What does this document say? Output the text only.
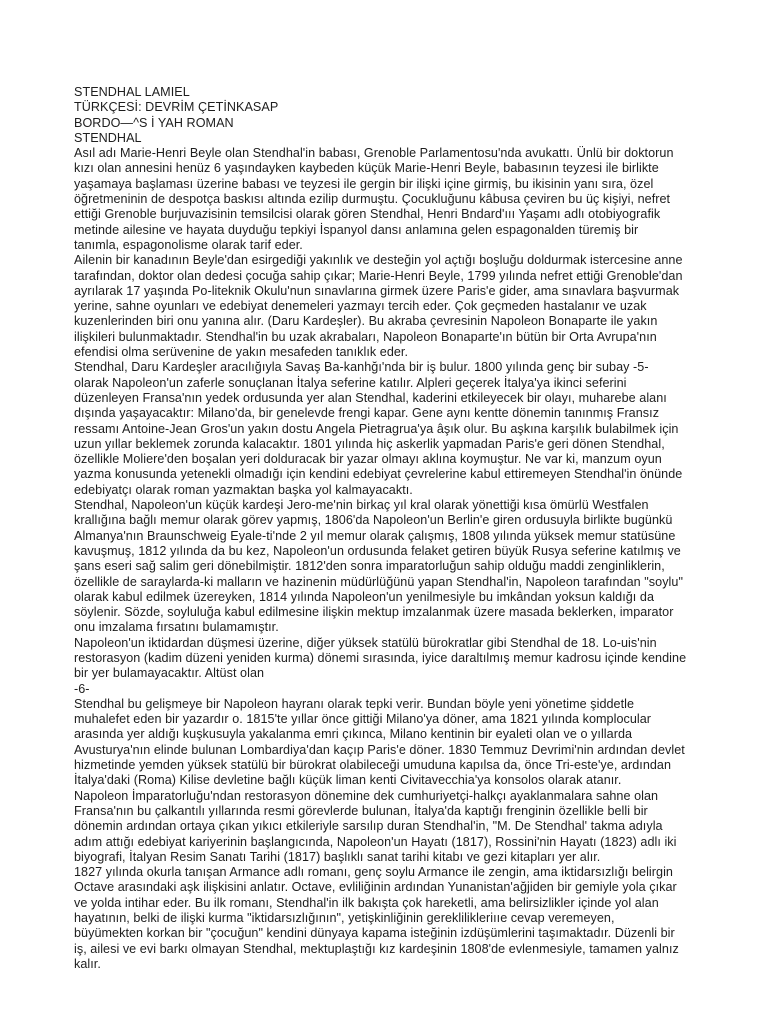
STENDHAL LAMIEL
TÜRKÇESİ: DEVRİM ÇETİNKASAP
BORDO—^S İ YAH ROMAN
STENDHAL
Asıl adı Marie-Henri Beyle olan Stendhal'in babası, Grenoble Parlamentosu'nda avukattı. Ünlü bir doktorun
kızı olan annesini henüz 6 yaşındayken kaybeden küçük Marie-Henri Beyle, babasının teyzesi ile birlikte
yaşamaya başlaması üzerine babası ve teyzesi ile gergin bir ilişki içine girmiş, bu ikisinin yanı sıra, özel
öğretmeninin de despotça baskısı altında ezilip durmuştu. Çocukluğunu kâbusa çeviren bu üç kişiyi, nefret
ettiği Grenoble burjuvazisinin temsilcisi olarak gören Stendhal, Henri Bndard'ııı Yaşamı adlı otobiyografik
metinde ailesine ve hayata duyduğu tepkiyi İspanyol dansı anlamına gelen espagonalden türemiş bir
tanımla, espagonolisme olarak tarif eder.
Ailenin bir kanadının Beyle'dan esirgediği yakınlık ve desteğin yol açtığı boşluğu doldurmak istercesine anne
tarafından, doktor olan dedesi çocuğa sahip çıkar; Marie-Henri Beyle, 1799 yılında nefret ettiği Grenoble'dan
ayrılarak 17 yaşında Po-liteknik Okulu'nun sınavlarına girmek üzere Paris'e gider, ama sınavlara başvurmak
yerine, sahne oyunları ve edebiyat denemeleri yazmayı tercih eder. Çok geçmeden hastalanır ve uzak
kuzenlerinden biri onu yanına alır. (Daru Kardeşler). Bu akraba çevresinin Napoleon Bonaparte ile yakın
ilişkileri bulunmaktadır. Stendhal'in bu uzak akrabaları, Napoleon Bonaparte'ın bütün bir Orta Avrupa'nın
efendisi olma serüvenine de yakın mesafeden tanıklık eder.
Stendhal, Daru Kardeşler aracılığıyla Savaş Ba-kanhğı'nda bir iş bulur. 1800 yılında genç bir subay -5-
olarak Napoleon'un zaferle sonuçlanan İtalya seferine katılır. Alpleri geçerek İtalya'ya ikinci seferini
düzenleyen Fransa'nın yedek ordusunda yer alan Stendhal, kaderini etkileyecek bir olayı, muharebe alanı
dışında yaşayacaktır: Milano'da, bir genelevde frengi kapar. Gene aynı kentte dönemin tanınmış Fransız
ressamı Antoine-Jean Gros'un yakın dostu Angela Pietragrua'ya âşık olur. Bu aşkına karşılık bulabilmek için
uzun yıllar beklemek zorunda kalacaktır. 1801 yılında hiç askerlik yapmadan Paris'e geri dönen Stendhal,
özellikle Moliere'den boşalan yeri dolduracak bir yazar olmayı aklına koymuştur. Ne var ki, manzum oyun
yazma konusunda yetenekli olmadığı için kendini edebiyat çevrelerine kabul ettiremeyen Stendhal'in önünde
edebiyatçı olarak roman yazmaktan başka yol kalmayacaktı.
Stendhal, Napoleon'un küçük kardeşi Jero-me'nin birkaç yıl kral olarak yönettiği kısa ömürlü Westfalen
krallığına bağlı memur olarak görev yapmış, 1806'da Napoleon'un Berlin'e giren ordusuyla birlikte bugünkü
Almanya'nın Braunschweig Eyale-ti'nde 2 yıl memur olarak çalışmış, 1808 yılında yüksek memur statüsüne
kavuşmuş, 1812 yılında da bu kez, Napoleon'un ordusunda felaket getiren büyük Rusya seferine katılmış ve
şans eseri sağ salim geri dönebilmiştir. 1812'den sonra imparatorluğun sahip olduğu maddi zenginliklerin,
özellikle de saraylarda-ki malların ve hazinenin müdürlüğünü yapan Stendhal'in, Napoleon tarafından "soylu"
olarak kabul edilmek üzereyken, 1814 yılında Napoleon'un yenilmesiyle bu imkândan yoksun kaldığı da
söylenir. Sözde, soyluluğa kabul edilmesine ilişkin mektup imzalanmak üzere masada beklerken, imparator
onu imzalama fırsatını bulamamıştır.
Napoleon'un iktidardan düşmesi üzerine, diğer yüksek statülü bürokratlar gibi Stendhal de 18. Lo-uis'nin
restorasyon (kadim düzeni yeniden kurma) dönemi sırasında, iyice daraltılmış memur kadrosu içinde kendine
bir yer bulamayacaktır. Altüst olan
-6-
Stendhal bu gelişmeye bir Napoleon hayranı olarak tepki verir. Bundan böyle yeni yönetime şiddetle
muhalefet eden bir yazardır o. 1815'te yıllar önce gittiği Milano'ya döner, ama 1821 yılında komplocular
arasında yer aldığı kuşkusuyla yakalanma emri çıkınca, Milano kentinin bir eyaleti olan ve o yıllarda
Avusturya'nın elinde bulunan Lombardiya'dan kaçıp Paris'e döner. 1830 Temmuz Devrimi'nin ardından devlet
hizmetinde yemden yüksek statülü bir bürokrat olabileceği umuduna kapılsa da, önce Tri-este'ye, ardından
İtalya'daki (Roma) Kilise devletine bağlı küçük liman kenti Civitavecchia'ya konsolos olarak atanır.
Napoleon İmparatorluğu'ndan restorasyon dönemine dek cumhuriyetçi-halkçı ayaklanmalara sahne olan
Fransa'nın bu çalkantılı yıllarında resmi görevlerde bulunan, İtalya'da kaptığı frenginin özellikle belli bir
dönemin ardından ortaya çıkan yıkıcı etkileriyle sarsılıp duran Stendhal'in, "M. De Stendhal' takma adıyla
adım attığı edebiyat kariyerinin başlangıcında, Napoleon'un Hayatı (1817), Rossini'nin Hayatı (1823) adlı iki
biyografi, İtalyan Resim Sanatı Tarihi (1817) başlıklı sanat tarihi kitabı ve gezi kitapları yer alır.
1827 yılında okurla tanışan Armance adlı romanı, genç soylu Armance ile zengin, ama iktidarsızlığı belirgin
Octave arasındaki aşk ilişkisini anlatır. Octave, evliliğinin ardından Yunanistan'ağjiden bir gemiyle yola çıkar
ve yolda intihar eder. Bu ilk romanı, Stendhal'in ilk bakışta çok hareketli, ama belirsizlikler içinde yol alan
hayatının, belki de ilişki kurma "iktidarsızlığının", yetişkinliğinin gereklilikleriııe cevap veremeyen,
büyümekten korkan bir "çocuğun" kendini dünyaya kapama isteğinin izdüşümlerini taşımaktadır. Düzenli bir
iş, ailesi ve evi barkı olmayan Stendhal, mektuplaştığı kız kardeşinin 1808'de evlenmesiyle, tamamen yalnız
kalır.
